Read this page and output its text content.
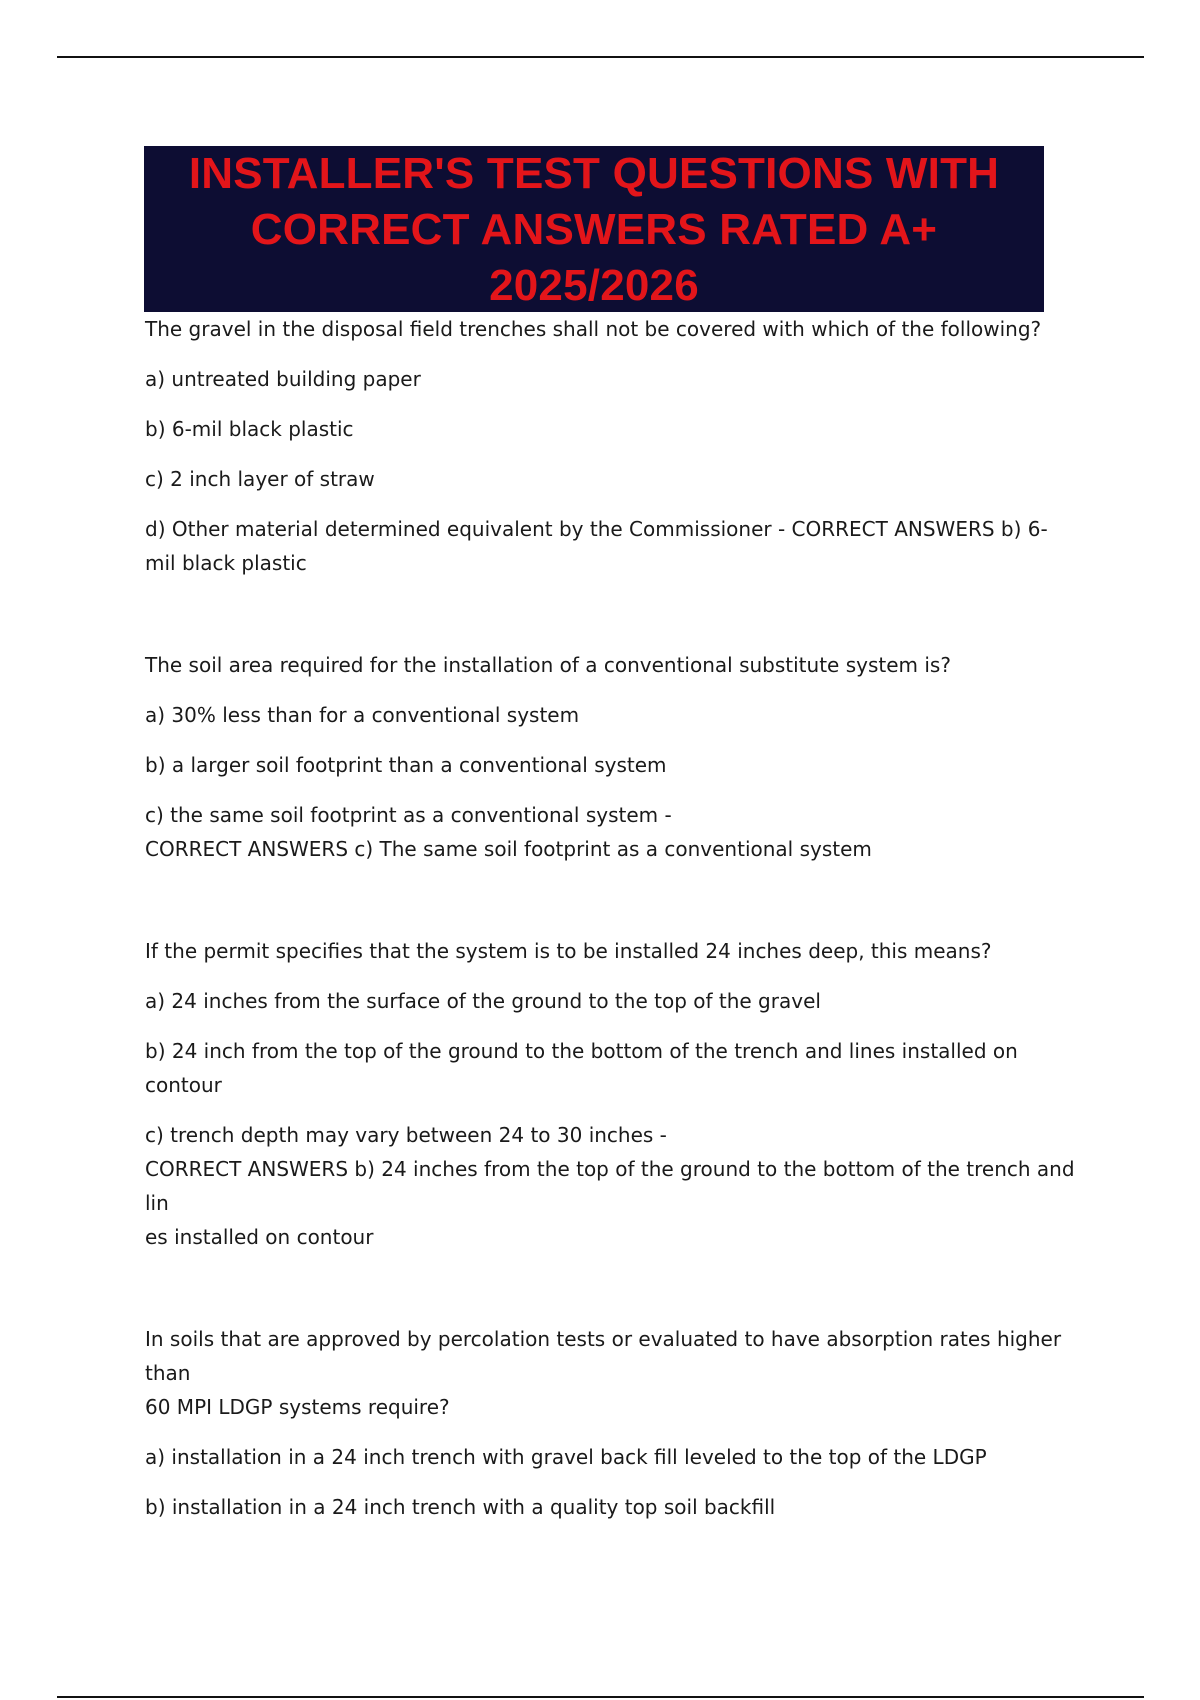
INSTALLER'S TEST QUESTIONS WITH
CORRECT ANSWERS RATED A+
2025/2026

The gravel in the disposal field trenches shall not be covered with which of the following?

a) untreated building paper

b) 6-mil black plastic

c) 2 inch layer of straw

d) Other material determined equivalent by the Commissioner - CORRECT ANSWERS b) 6-

mil black plastic

The soil area required for the installation of a conventional substitute system is?

a) 30% less than for a conventional system

b) a larger soil footprint than a conventional system

c) the same soil footprint as a conventional system -

CORRECT ANSWERS c) The same soil footprint as a conventional system

If the permit specifies that the system is to be installed 24 inches deep, this means?

a) 24 inches from the surface of the ground to the top of the gravel

b) 24 inch from the top of the ground to the bottom of the trench and lines installed on contour

c) trench depth may vary between 24 to 30 inches -

CORRECT ANSWERS b) 24 inches from the top of the ground to the bottom of the trench and lin

es installed on contour

In soils that are approved by percolation tests or evaluated to have absorption rates higher than

60 MPI LDGP systems require?

a) installation in a 24 inch trench with gravel back fill leveled to the top of the LDGP

b) installation in a 24 inch trench with a quality top soil backfill
